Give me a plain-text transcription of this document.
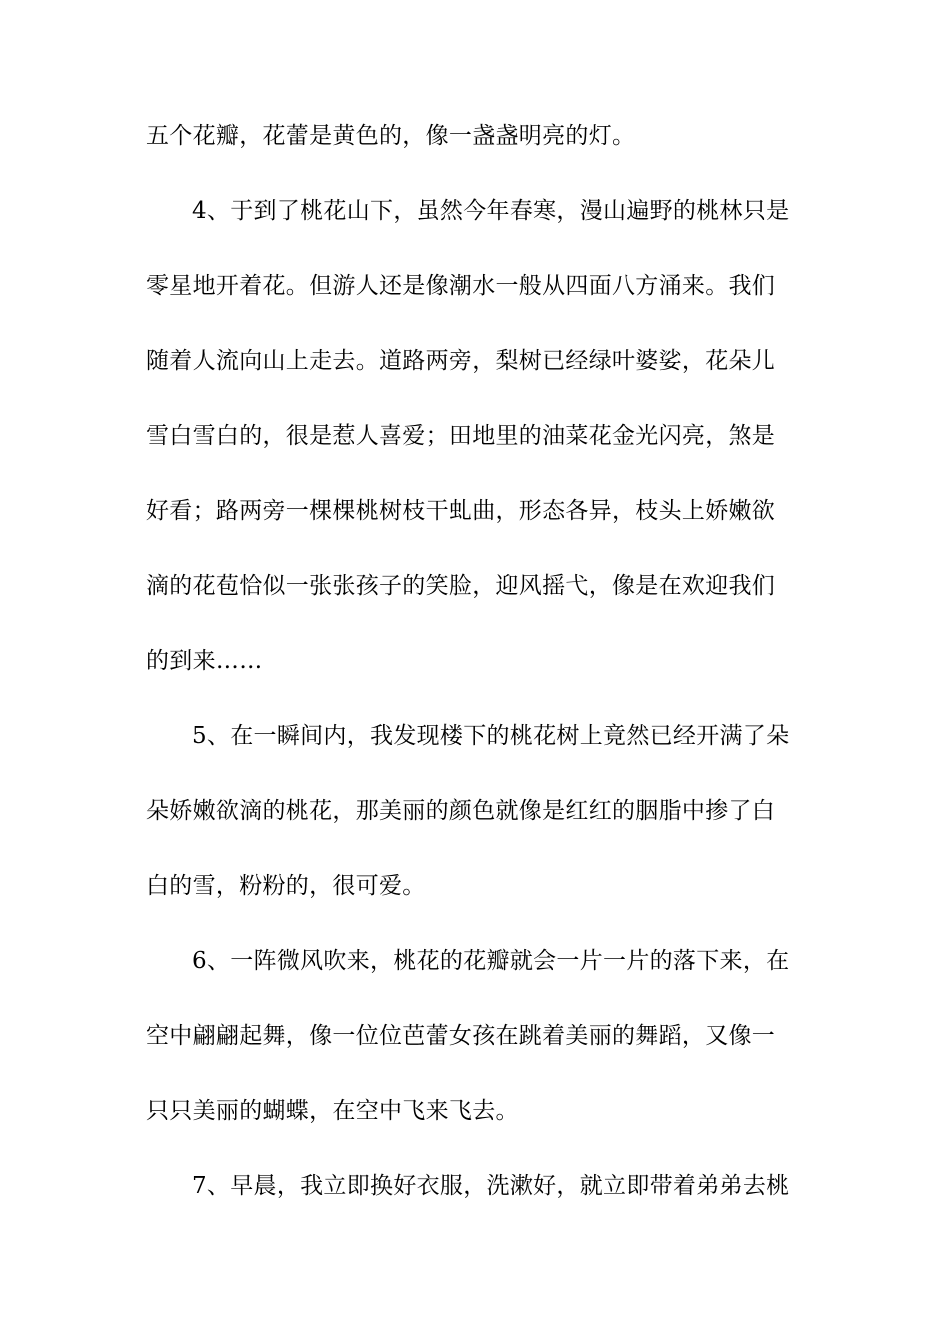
五个花瓣，花蕾是黄色的，像一盏盏明亮的灯。
4、于到了桃花山下，虽然今年春寒，漫山遍野的桃林只是
零星地开着花。但游人还是像潮水一般从四面八方涌来。我们
随着人流向山上走去。道路两旁，梨树已经绿叶婆娑，花朵儿
雪白雪白的，很是惹人喜爱；田地里的油菜花金光闪亮，煞是
好看；路两旁一棵棵桃树枝干虬曲，形态各异，枝头上娇嫩欲
滴的花苞恰似一张张孩子的笑脸，迎风摇弋，像是在欢迎我们
的到来……
5、在一瞬间内，我发现楼下的桃花树上竟然已经开满了朵
朵娇嫩欲滴的桃花，那美丽的颜色就像是红红的胭脂中掺了白
白的雪，粉粉的，很可爱。
6、一阵微风吹来，桃花的花瓣就会一片一片的落下来，在
空中翩翩起舞，像一位位芭蕾女孩在跳着美丽的舞蹈，又像一
只只美丽的蝴蝶，在空中飞来飞去。
7、早晨，我立即换好衣服，洗漱好，就立即带着弟弟去桃
